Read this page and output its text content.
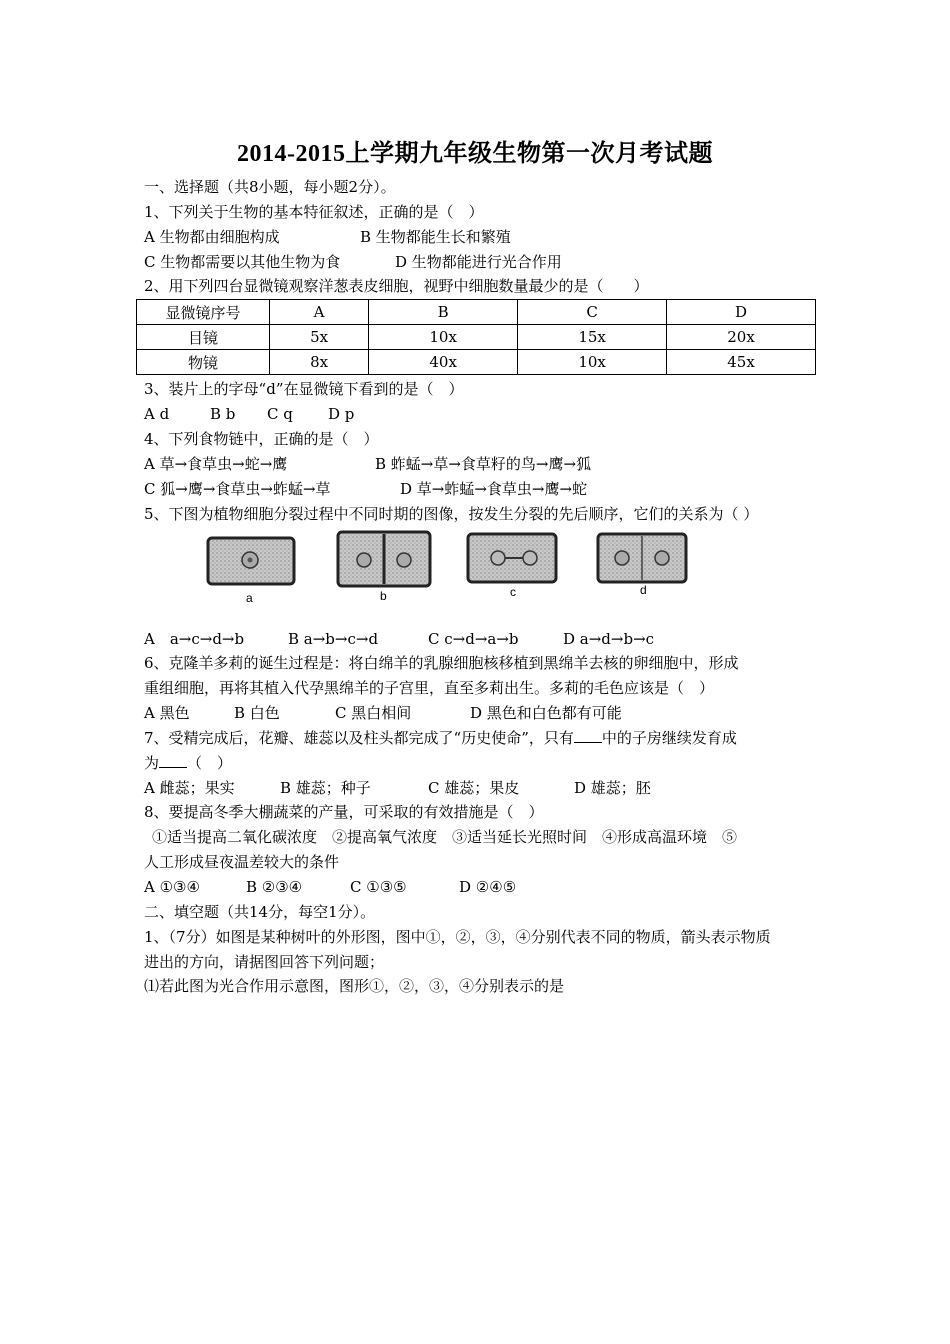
2014-2015上学期九年级生物第一次月考试题
一、选择题（共8小题，每小题2分）。
1、下列关于生物的基本特征叙述，正确的是（　）
A 生物都由细胞构成	B 生物都能生长和繁殖
C 生物都需要以其他生物为食	D 生物都能进行光合作用
2、用下列四台显微镜观察洋葱表皮细胞，视野中细胞数量最少的是（　　）
显微镜序号	A	B	C	D
目镜	5x	10x	15x	20x
物镜	8x	40x	10x	45x
3、装片上的字母“d”在显微镜下看到的是（　）
A d	B b C q D p
4、下列食物链中，正确的是（　）
A 草→食草虫→蛇→鹰	B 蚱蜢→草→食草籽的鸟→鹰→狐
C 狐→鹰→食草虫→蚱蜢→草	D 草→蚱蜢→食草虫→鹰→蛇
5、下图为植物细胞分裂过程中不同时期的图像，按发生分裂的先后顺序，它们的关系为（ ）
a	b	c	d
A　a→c→d→b	B a→b→c→d	C c→d→a→b	D a→d→b→c
6、克隆羊多莉的诞生过程是：将白绵羊的乳腺细胞核移植到黑绵羊去核的卵细胞中，形成
重组细胞，再将其植入代孕黑绵羊的子宫里，直至多莉出生。多莉的毛色应该是（　）
A 黑色	B 白色	C 黑白相间	D 黑色和白色都有可能
7、受精完成后，花瓣、雄蕊以及柱头都完成了“历史使命”，只有 中的子房继续发育成
为 （　）
A 雌蕊；果实	B 雄蕊；种子	C 雄蕊；果皮	D 雄蕊；胚
8、要提高冬季大棚蔬菜的产量，可采取的有效措施是（　）
①适当提高二氧化碳浓度　②提高氧气浓度　③适当延长光照时间　④形成高温环境　⑤
人工形成昼夜温差较大的条件
A ①③④	B ②③④	C ①③⑤	D ②④⑤
二、填空题（共14分，每空1分）。
1、（7分）如图是某种树叶的外形图，图中①，②，③，④分别代表不同的物质，箭头表示物质
进出的方向，请据图回答下列问题；
⑴若此图为光合作用示意图，图形①，②，③，④分别表示的是
